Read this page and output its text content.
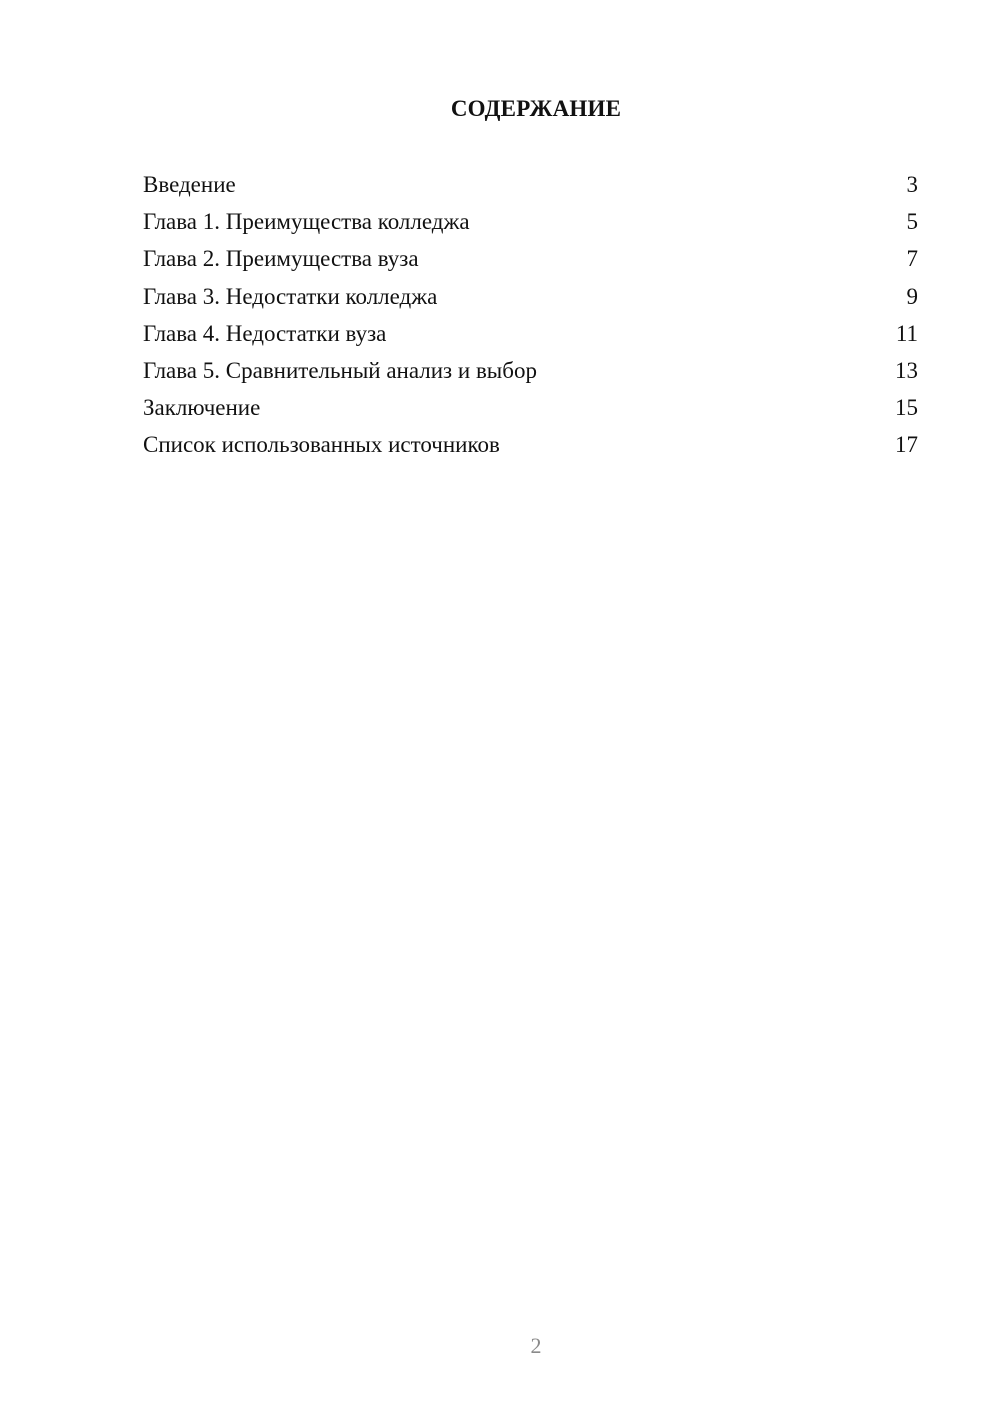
СОДЕРЖАНИЕ
Введение	3
Глава 1. Преимущества колледжа	5
Глава 2. Преимущества вуза	7
Глава 3. Недостатки колледжа	9
Глава 4. Недостатки вуза	11
Глава 5. Сравнительный анализ и выбор	13
Заключение	15
Список использованных источников	17
2
